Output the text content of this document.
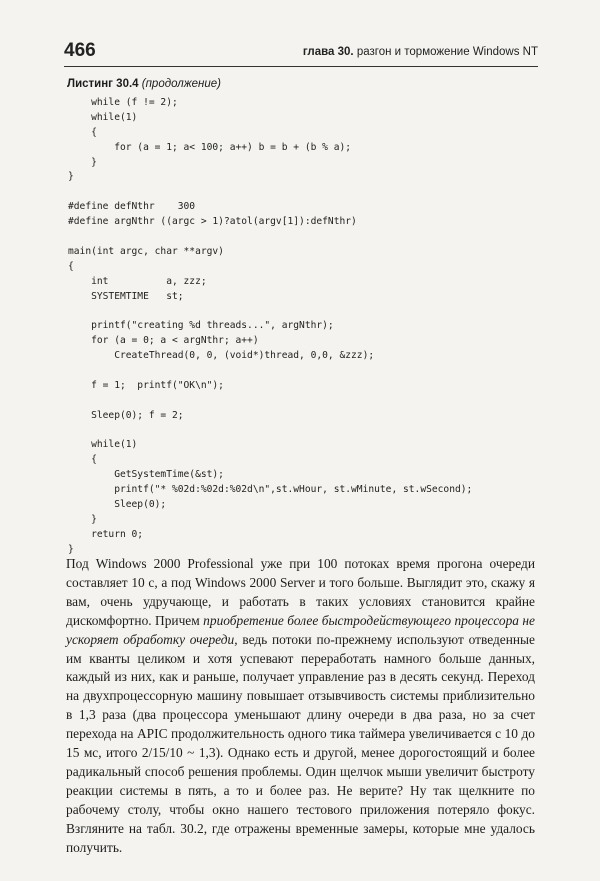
466	глава 30. разгон и торможение Windows NT
Листинг 30.4 (продолжение)
while (f != 2);
while(1)
{
for (a = 1; a< 100; a++) b = b + (b % a);
}
}
#define defNthr    300
#define argNthr ((argc > 1)?atol(argv[1]):defNthr)
main(int argc, char **argv)
{
int          a, zzz;
SYSTEMTIME   st;
printf("creating %d threads...", argNthr);
for (a = 0; a < argNthr; a++)
CreateThread(0, 0, (void*)thread, 0,0, &zzz);
f = 1;  printf("OK\n");
Sleep(0); f = 2;
while(1)
{
GetSystemTime(&st);
printf("* %02d:%02d:%02d\n",st.wHour, st.wMinute, st.wSecond);
Sleep(0);
}
return 0;
}
Под Windows 2000 Professional уже при 100 потоках время прогона очереди составляет 10 с, а под Windows 2000 Server и того больше. Выглядит это, скажу я вам, очень удручающе, и работать в таких условиях становится крайне дискомфортно. Причем приобретение более быстродействующего процессора не ускоряет обработку очереди, ведь потоки по-прежнему используют отведенные им кванты целиком и хотя успевают переработать намного больше данных, каждый из них, как и раньше, получает управление раз в десять секунд. Переход на двухпроцессорную машину повышает отзывчивость системы приблизительно в 1,3 раза (два процессора уменьшают длину очереди в два раза, но за счет перехода на APIC продолжительность одного тика таймера увеличивается с 10 до 15 мс, итого 2/15/10 ~ 1,3). Однако есть и другой, менее дорогостоящий и более радикальный способ решения проблемы. Один щелчок мыши увеличит быстроту реакции системы в пять, а то и более раз. Не верите? Ну так щелкните по рабочему столу, чтобы окно нашего тестового приложения потеряло фокус. Взгляните на табл. 30.2, где отражены временные замеры, которые мне удалось получить.
